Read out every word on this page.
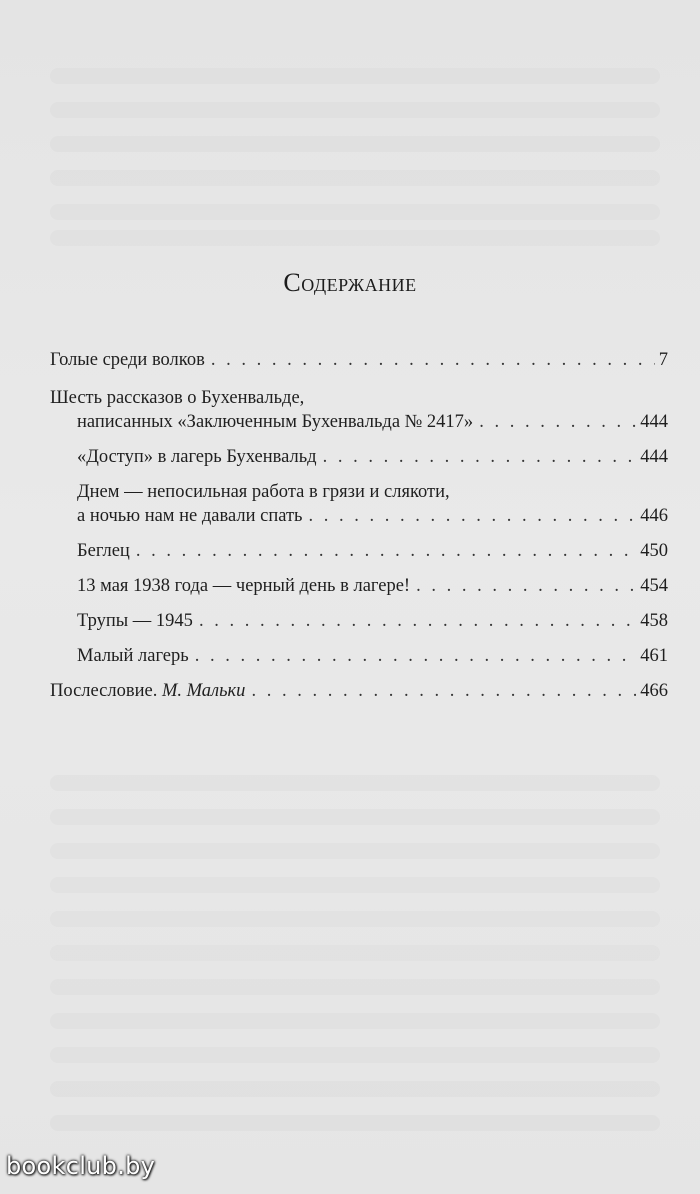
Содержание
Голые среди волков . . .	7
Шесть рассказов о Бухенвальде,
написанных «Заключенным Бухенвальда № 2417» . . .	444
«Доступ» в лагерь Бухенвальд . . .	444
Днем — непосильная работа в грязи и слякоти,
а ночью нам не давали спать . . .	446
Беглец . . .	450
13 мая 1938 года — черный день в лагере! . . .	454
Трупы — 1945 . . .	458
Малый лагерь . . .	461
Послесловие. М. Мальки . . .	466
bookclub.by
